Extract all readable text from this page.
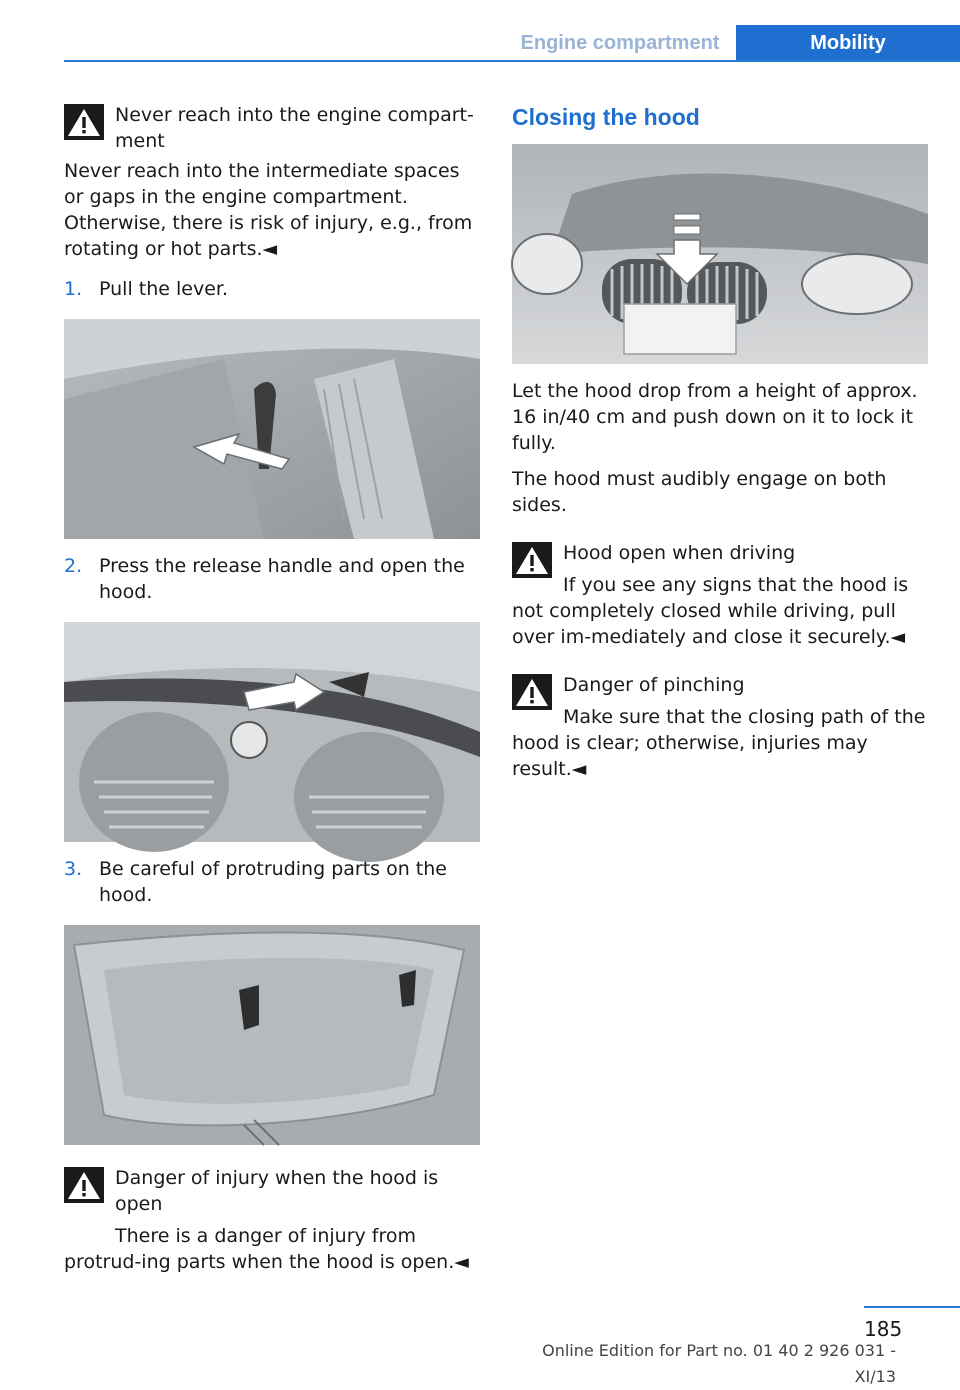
Engine compartment	Mobility
Never reach into the engine compart-
ment
Never reach into the intermediate spaces or gaps in the engine compartment. Otherwise, there is risk of injury, e.g., from rotating or hot parts.◄
1. Pull the lever.
2. Press the release handle and open the hood.
3. Be careful of protruding parts on the hood.
Danger of injury when the hood is open
There is a danger of injury from protrud-ing parts when the hood is open.◄
Closing the hood
Let the hood drop from a height of approx. 16 in/40 cm and push down on it to lock it fully.
The hood must audibly engage on both sides.
Hood open when driving
If you see any signs that the hood is not completely closed while driving, pull over im-mediately and close it securely.◄
Danger of pinching
Make sure that the closing path of the hood is clear; otherwise, injuries may result.◄
185
Online Edition for Part no. 01 40 2 926 031 - XI/13
